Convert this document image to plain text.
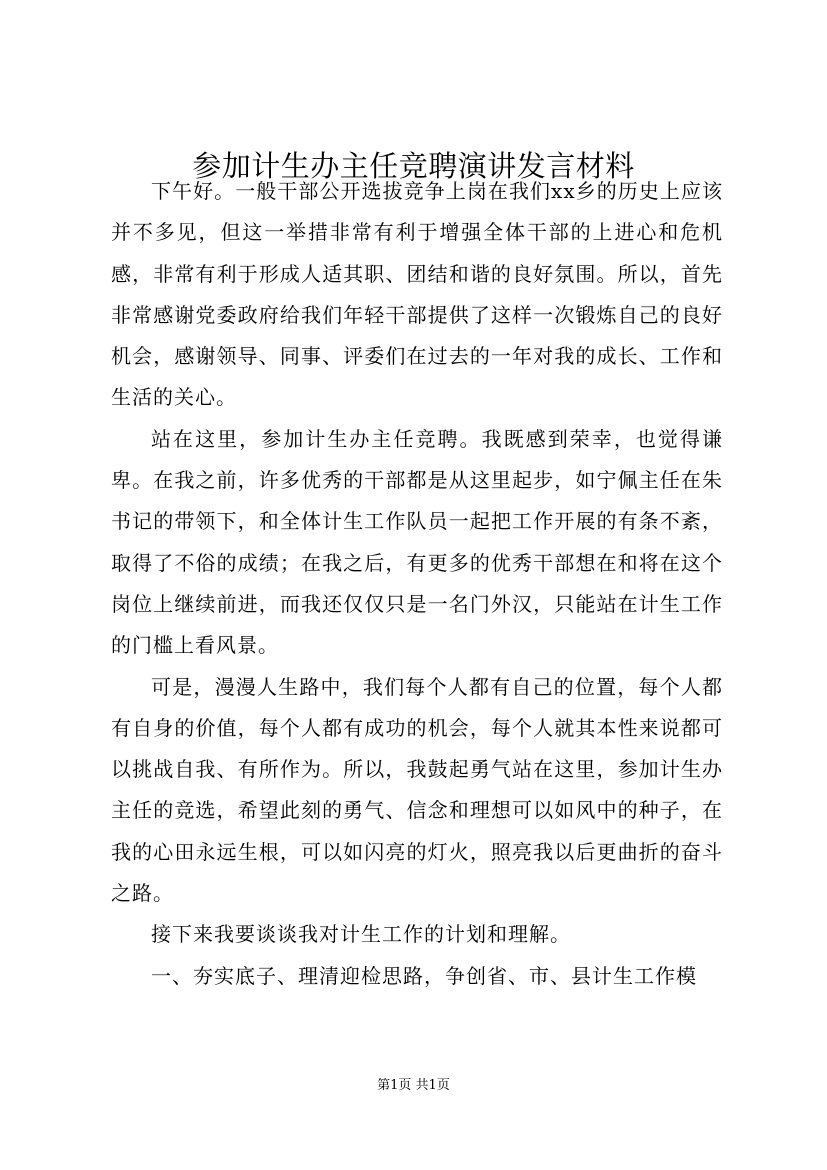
参加计生办主任竞聘演讲发言材料

下午好。一般干部公开选拔竞争上岗在我们xx乡的历史上应该并不多见，但这一举措非常有利于增强全体干部的上进心和危机感，非常有利于形成人适其职、团结和谐的良好氛围。所以，首先非常感谢党委政府给我们年轻干部提供了这样一次锻炼自己的良好机会，感谢领导、同事、评委们在过去的一年对我的成长、工作和生活的关心。

站在这里，参加计生办主任竞聘。我既感到荣幸，也觉得谦卑。在我之前，许多优秀的干部都是从这里起步，如宁佩主任在朱书记的带领下，和全体计生工作队员一起把工作开展的有条不紊，取得了不俗的成绩；在我之后，有更多的优秀干部想在和将在这个岗位上继续前进，而我还仅仅只是一名门外汉，只能站在计生工作的门槛上看风景。

可是，漫漫人生路中，我们每个人都有自己的位置，每个人都有自身的价值，每个人都有成功的机会，每个人就其本性来说都可以挑战自我、有所作为。所以，我鼓起勇气站在这里，参加计生办主任的竞选，希望此刻的勇气、信念和理想可以如风中的种子，在我的心田永远生根，可以如闪亮的灯火，照亮我以后更曲折的奋斗之路。

接下来我要谈谈我对计生工作的计划和理解。

一、夯实底子、理清迎检思路，争创省、市、县计生工作模

第1页 共1页
